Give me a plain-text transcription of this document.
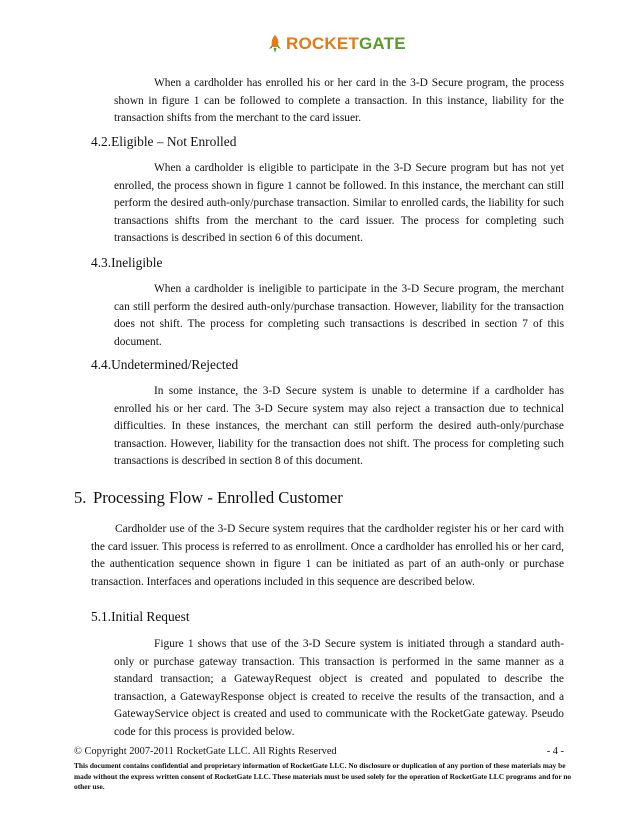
ROCKETGATE

When a cardholder has enrolled his or her card in the 3-D Secure program, the process shown in figure 1 can be followed to complete a transaction. In this instance, liability for the transaction shifts from the merchant to the card issuer.

4.2.Eligible – Not Enrolled

When a cardholder is eligible to participate in the 3-D Secure program but has not yet enrolled, the process shown in figure 1 cannot be followed. In this instance, the merchant can still perform the desired auth-only/purchase transaction. Similar to enrolled cards, the liability for such transactions shifts from the merchant to the card issuer. The process for completing such transactions is described in section 6 of this document.

4.3.Ineligible

When a cardholder is ineligible to participate in the 3-D Secure program, the merchant can still perform the desired auth-only/purchase transaction. However, liability for the transaction does not shift. The process for completing such transactions is described in section 7 of this document.

4.4.Undetermined/Rejected

In some instance, the 3-D Secure system is unable to determine if a cardholder has enrolled his or her card. The 3-D Secure system may also reject a transaction due to technical difficulties. In these instances, the merchant can still perform the desired auth-only/purchase transaction. However, liability for the transaction does not shift. The process for completing such transactions is described in section 8 of this document.

5. Processing Flow - Enrolled Customer

Cardholder use of the 3-D Secure system requires that the cardholder register his or her card with the card issuer. This process is referred to as enrollment. Once a cardholder has enrolled his or her card, the authentication sequence shown in figure 1 can be initiated as part of an auth-only or purchase transaction. Interfaces and operations included in this sequence are described below.

5.1.Initial Request

Figure 1 shows that use of the 3-D Secure system is initiated through a standard auth-only or purchase gateway transaction. This transaction is performed in the same manner as a standard transaction; a GatewayRequest object is created and populated to describe the transaction, a GatewayResponse object is created to receive the results of the transaction, and a GatewayService object is created and used to communicate with the RocketGate gateway. Pseudo code for this process is provided below.

© Copyright 2007-2011 RocketGate LLC. All Rights Reserved	- 4 -
This document contains confidential and proprietary information of RocketGate LLC. No disclosure or duplication of any portion of these materials may be made without the express written consent of RocketGate LLC. These materials must be used solely for the operation of RocketGate LLC programs and for no other use.
